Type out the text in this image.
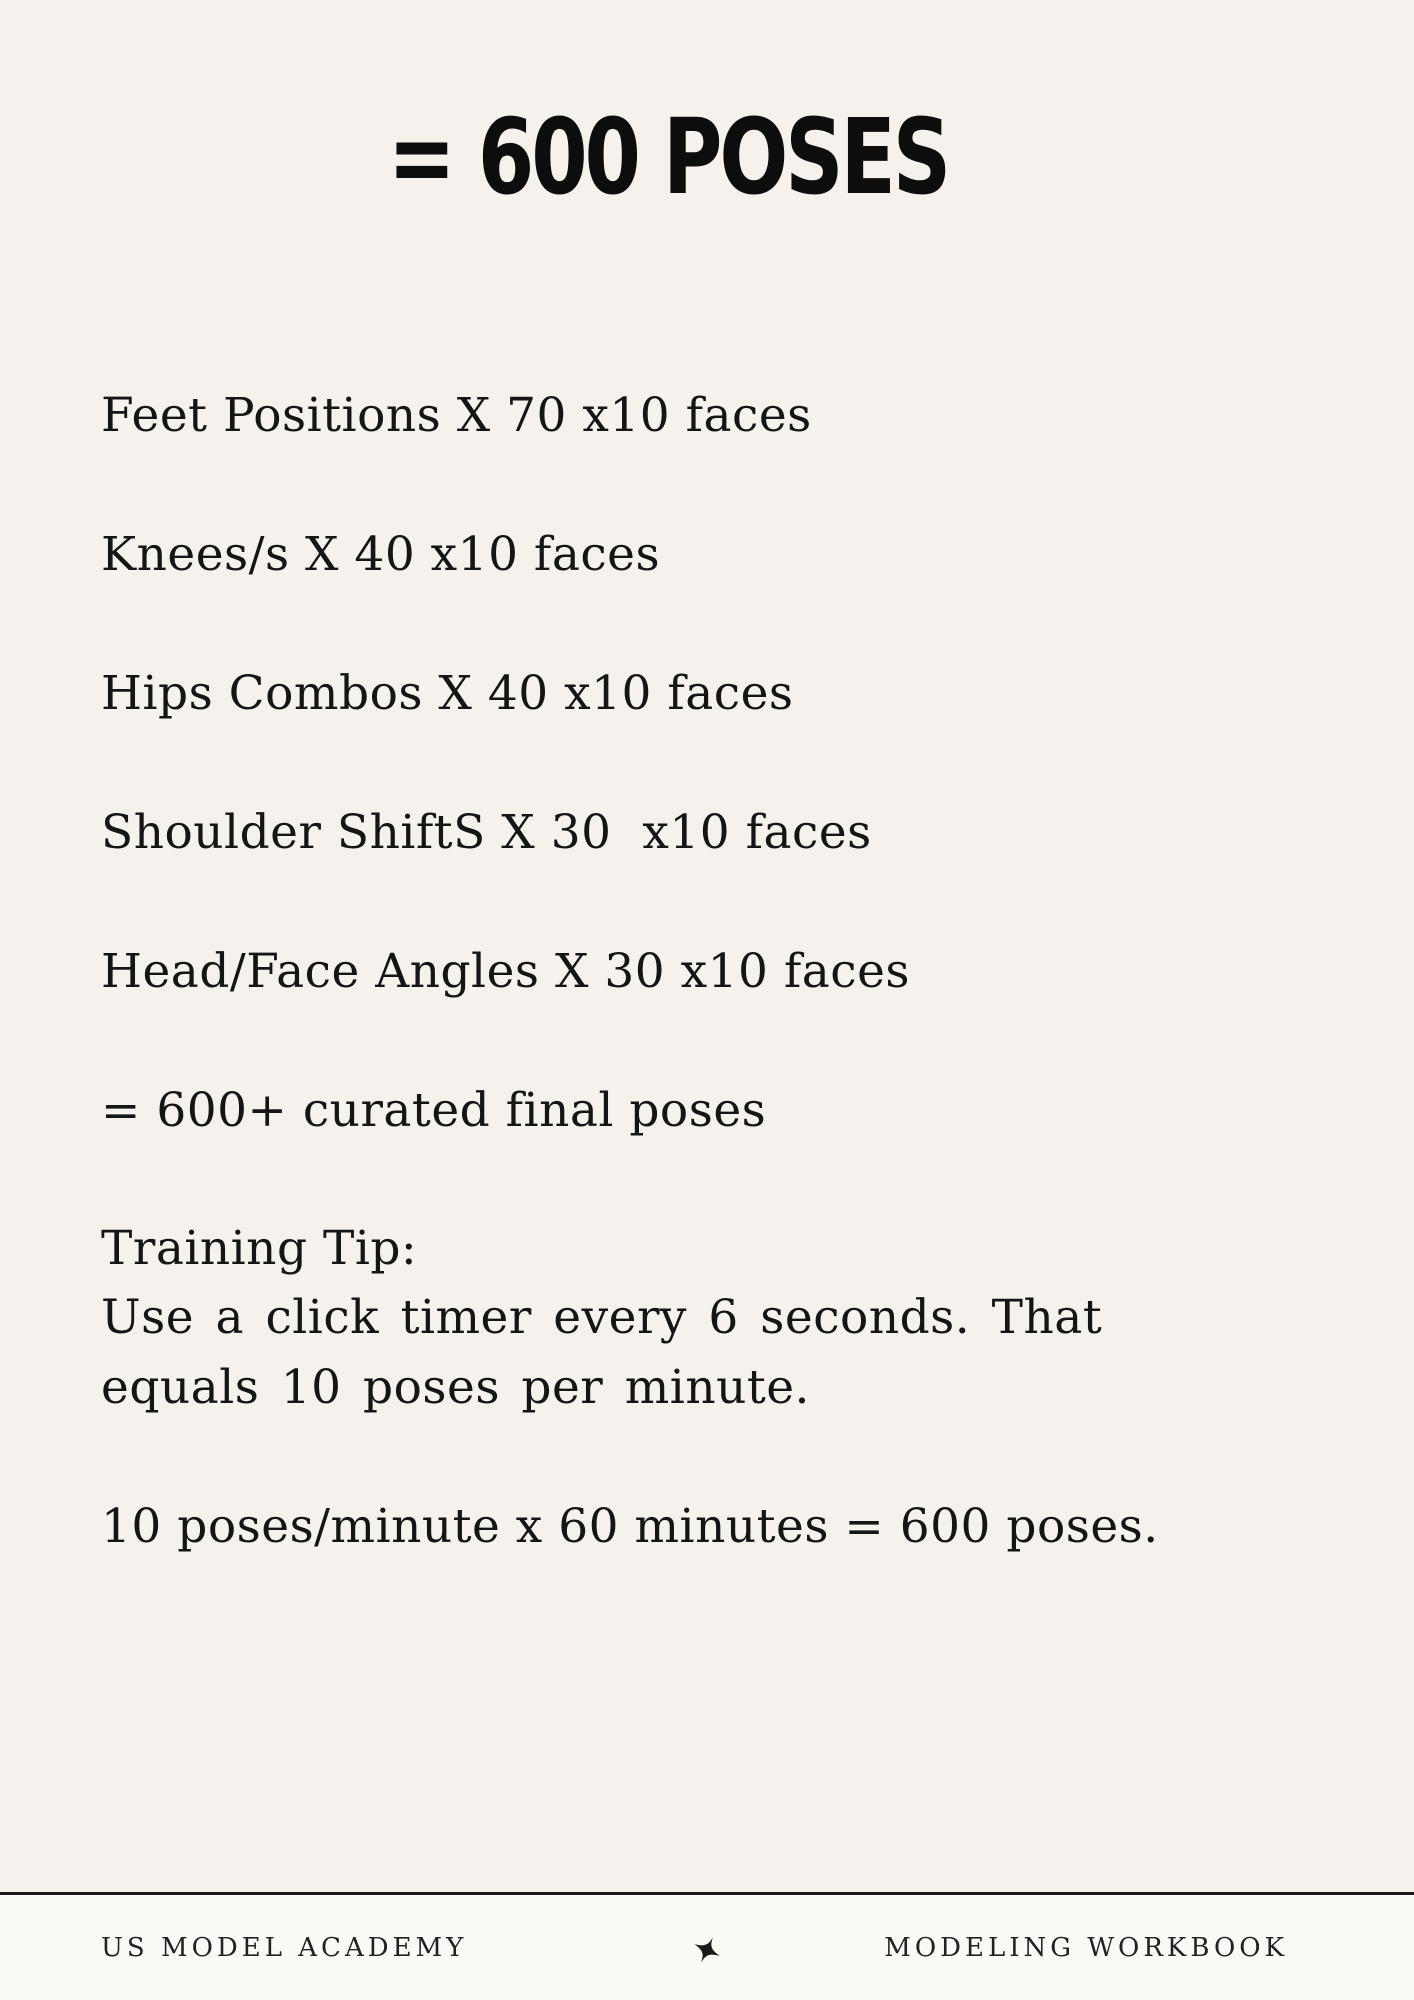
= 600 POSES
Feet Positions X 70 x10 faces
Knees/s X 40 x10 faces
Hips Combos X 40 x10 faces
Shoulder ShiftS X 30  x10 faces
Head/Face Angles X 30 x10 faces
= 600+ curated final poses
Training Tip:
Use a click timer every 6 seconds. That equals 10 poses per minute.
10 poses/minute x 60 minutes = 600 poses.
US MODEL ACADEMY	MODELING WORKBOOK
